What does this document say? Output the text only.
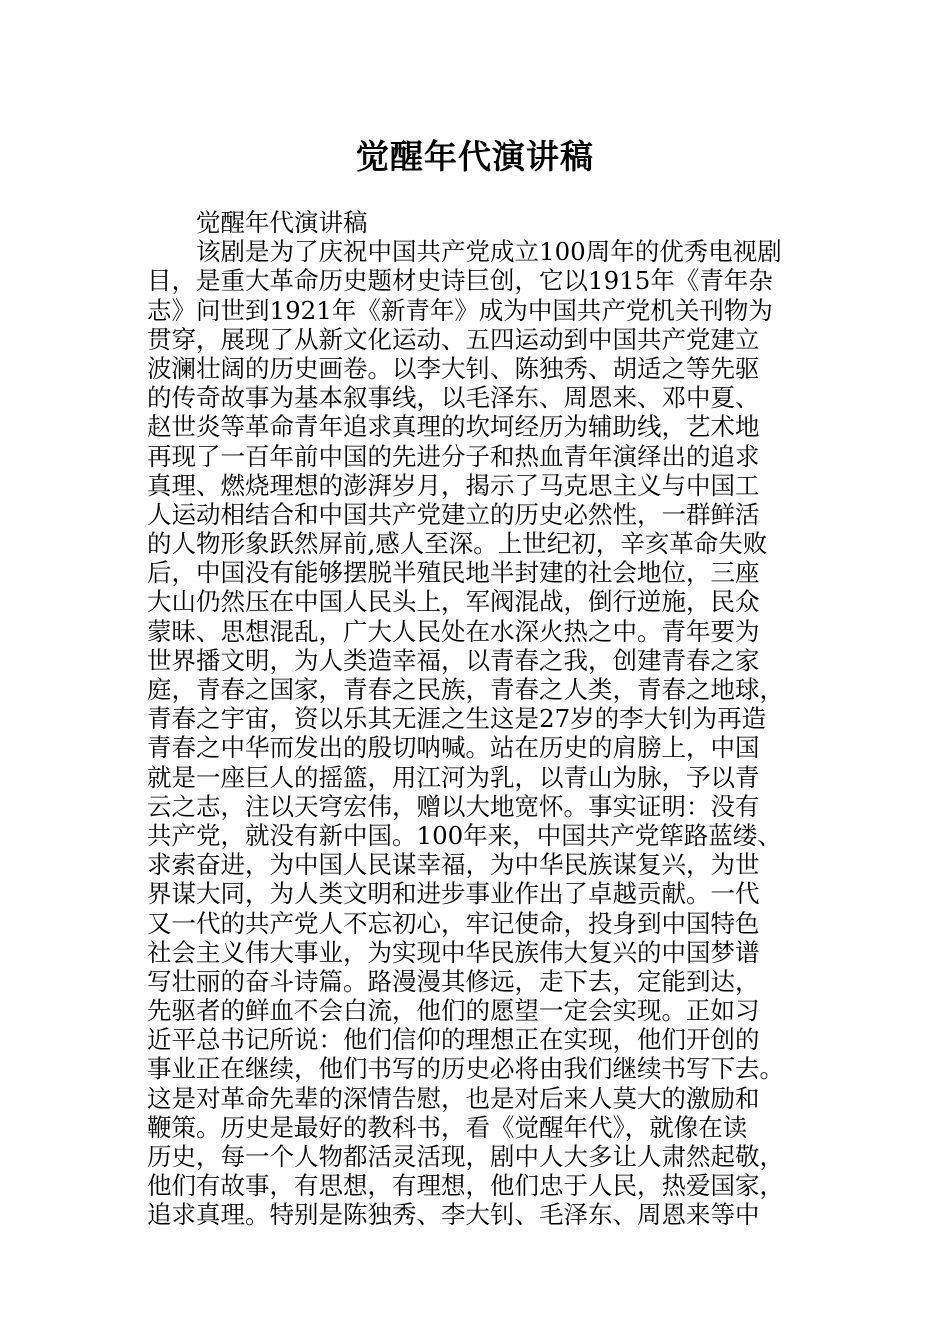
觉醒年代演讲稿
觉醒年代演讲稿
该剧是为了庆祝中国共产党成立100周年的优秀电视剧
目，是重大革命历史题材史诗巨创，它以1915年《青年杂
志》问世到1921年《新青年》成为中国共产党机关刊物为
贯穿，展现了从新文化运动、五四运动到中国共产党建立
波澜壮阔的历史画卷。以李大钊、陈独秀、胡适之等先驱
的传奇故事为基本叙事线，以毛泽东、周恩来、邓中夏、
赵世炎等革命青年追求真理的坎坷经历为辅助线，艺术地
再现了一百年前中国的先进分子和热血青年演绎出的追求
真理、燃烧理想的澎湃岁月，揭示了马克思主义与中国工
人运动相结合和中国共产党建立的历史必然性，一群鲜活
的人物形象跃然屏前,感人至深。上世纪初，辛亥革命失败
后，中国没有能够摆脱半殖民地半封建的社会地位，三座
大山仍然压在中国人民头上，军阀混战，倒行逆施，民众
蒙昧、思想混乱，广大人民处在水深火热之中。青年要为
世界播文明，为人类造幸福，以青春之我，创建青春之家
庭，青春之国家，青春之民族，青春之人类，青春之地球，
青春之宇宙，资以乐其无涯之生这是27岁的李大钊为再造
青春之中华而发出的殷切呐喊。站在历史的肩膀上，中国
就是一座巨人的摇篮，用江河为乳，以青山为脉，予以青
云之志，注以天穹宏伟，赠以大地宽怀。事实证明：没有
共产党，就没有新中国。100年来，中国共产党筚路蓝缕、
求索奋进，为中国人民谋幸福，为中华民族谋复兴，为世
界谋大同，为人类文明和进步事业作出了卓越贡献。一代
又一代的共产党人不忘初心，牢记使命，投身到中国特色
社会主义伟大事业，为实现中华民族伟大复兴的中国梦谱
写壮丽的奋斗诗篇。路漫漫其修远，走下去，定能到达，
先驱者的鲜血不会白流，他们的愿望一定会实现。正如习
近平总书记所说：他们信仰的理想正在实现，他们开创的
事业正在继续，他们书写的历史必将由我们继续书写下去。
这是对革命先辈的深情告慰，也是对后来人莫大的激励和
鞭策。历史是最好的教科书，看《觉醒年代》，就像在读
历史，每一个人物都活灵活现，剧中人大多让人肃然起敬，
他们有故事，有思想，有理想，他们忠于人民，热爱国家，
追求真理。特别是陈独秀、李大钊、毛泽东、周恩来等中
